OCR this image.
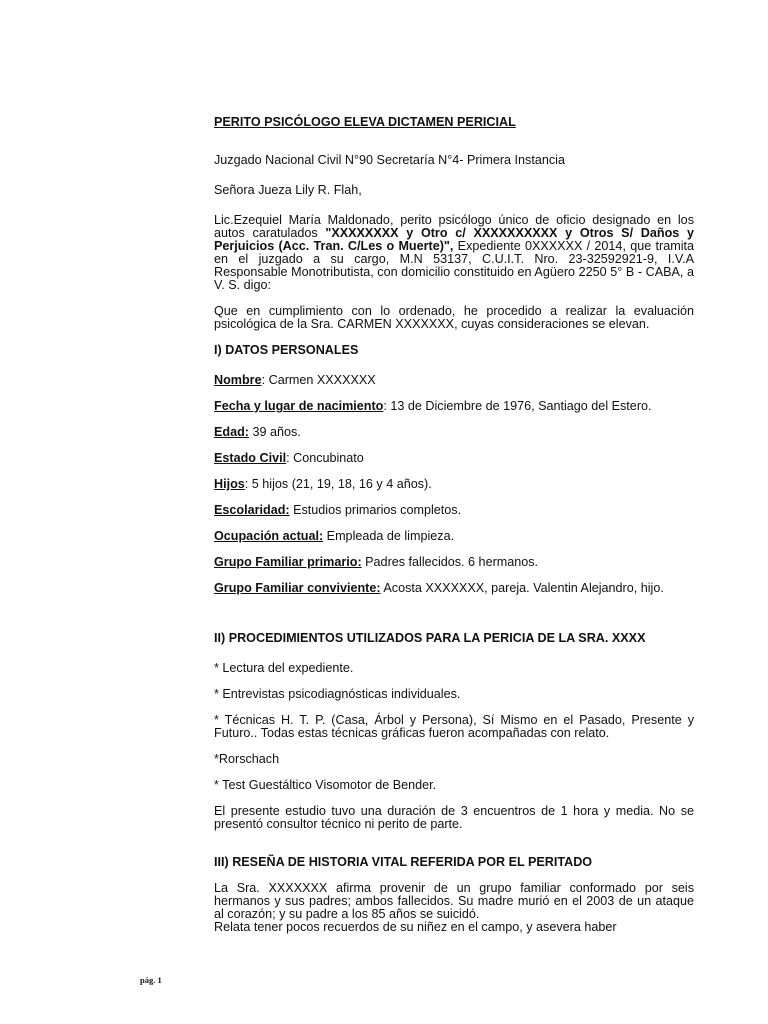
PERITO PSICÓLOGO ELEVA DICTAMEN PERICIAL

Juzgado Nacional Civil N°90 Secretaría N°4- Primera Instancia

Señora Jueza Lily R. Flah,

Lic.Ezequiel María Maldonado, perito psicólogo único de oficio designado en los autos caratulados "XXXXXXXX y Otro c/ XXXXXXXXXX y Otros S/ Daños y Perjuicios (Acc. Tran. C/Les o Muerte)", Expediente 0XXXXXX / 2014, que tramita en el juzgado a su cargo, M.N 53137, C.U.I.T. Nro. 23-32592921-9, I.V.A Responsable Monotributista, con domicilio constituido en Agüero 2250 5° B - CABA, a V. S. digo:

Que en cumplimiento con lo ordenado, he procedido a realizar la evaluación psicológica de la Sra. CARMEN XXXXXXX, cuyas consideraciones se elevan.

I) DATOS PERSONALES

Nombre: Carmen XXXXXXX

Fecha y lugar de nacimiento: 13 de Diciembre de 1976, Santiago del Estero.

Edad: 39 años.

Estado Civil: Concubinato

Hijos: 5 hijos (21, 19, 18, 16 y 4 años).

Escolaridad: Estudios primarios completos.

Ocupación actual: Empleada de limpieza.

Grupo Familiar primario: Padres fallecidos. 6 hermanos.

Grupo Familiar conviviente: Acosta XXXXXXX, pareja. Valentin Alejandro, hijo.

II) PROCEDIMIENTOS UTILIZADOS PARA LA PERICIA DE LA SRA. XXXX

* Lectura del expediente.

* Entrevistas psicodiagnósticas individuales.

* Técnicas H. T. P. (Casa, Árbol y Persona), Sí Mismo en el Pasado, Presente y Futuro.. Todas estas técnicas gráficas fueron acompañadas con relato.

*Rorschach

* Test Guestáltico Visomotor de Bender.

El presente estudio tuvo una duración de 3 encuentros de 1 hora y media. No se presentó consultor técnico ni perito de parte.

III) RESEÑA DE HISTORIA VITAL REFERIDA POR EL PERITADO

La Sra. XXXXXXX afirma provenir de un grupo familiar conformado por seis hermanos y sus padres; ambos fallecidos. Su madre murió en el 2003 de un ataque al corazón; y su padre a los 85 años se suicidó.

Relata tener pocos recuerdos de su niñez en el campo, y asevera haber

pág. 1
